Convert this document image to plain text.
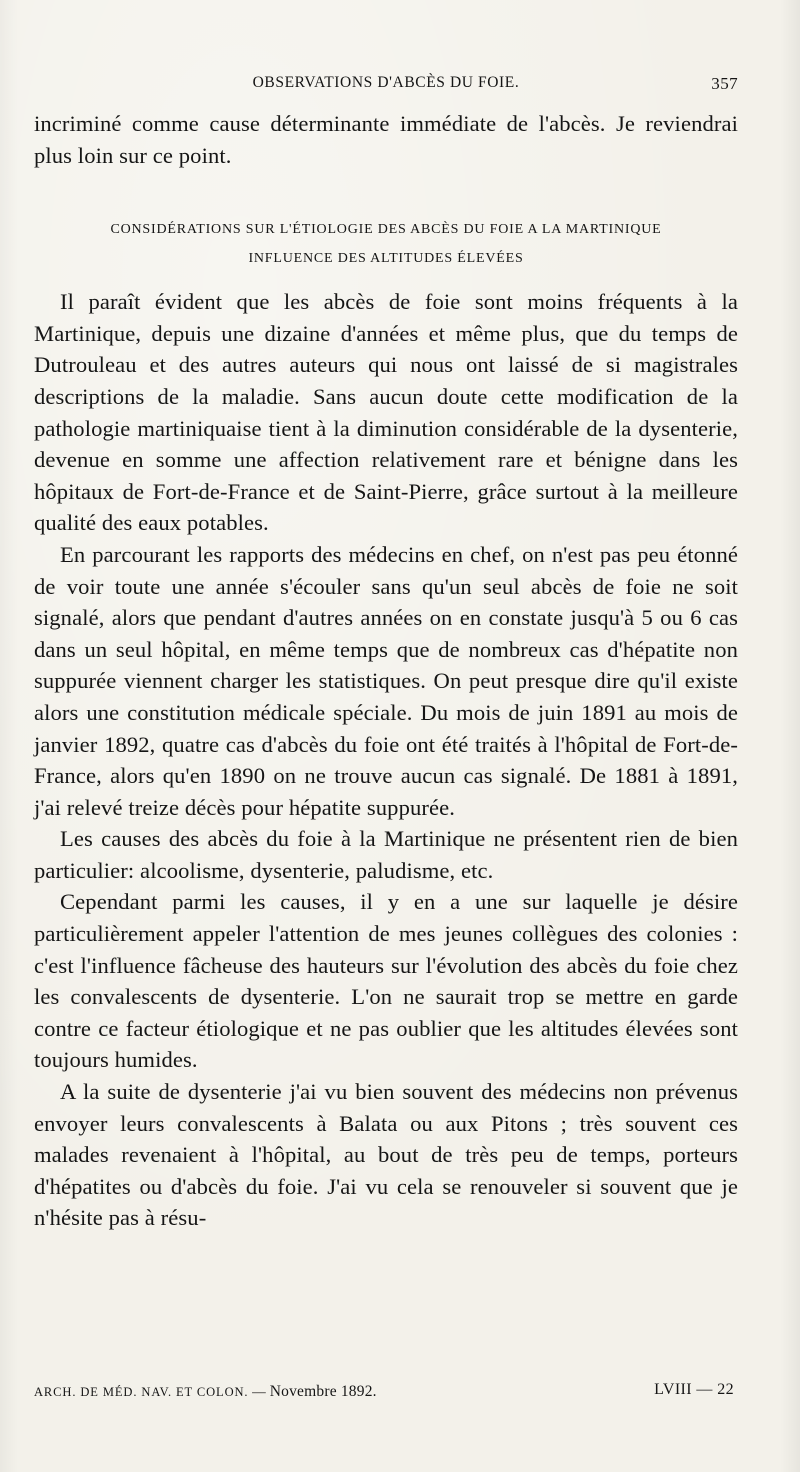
OBSERVATIONS D'ABCÈS DU FOIE.	357

incriminé comme cause déterminante immédiate de l'abcès. Je reviendrai plus loin sur ce point.

CONSIDÉRATIONS SUR L'ÉTIOLOGIE DES ABCÈS DU FOIE A LA MARTINIQUE
INFLUENCE DES ALTITUDES ÉLEVÉES

Il paraît évident que les abcès de foie sont moins fréquents à la Martinique, depuis une dizaine d'années et même plus, que du temps de Dutrouleau et des autres auteurs qui nous ont laissé de si magistrales descriptions de la maladie. Sans aucun doute cette modification de la pathologie martiniquaise tient à la diminution considérable de la dysenterie, devenue en somme une affection relativement rare et bénigne dans les hôpitaux de Fort-de-France et de Saint-Pierre, grâce surtout à la meilleure qualité des eaux potables.

En parcourant les rapports des médecins en chef, on n'est pas peu étonné de voir toute une année s'écouler sans qu'un seul abcès de foie ne soit signalé, alors que pendant d'autres années on en constate jusqu'à 5 ou 6 cas dans un seul hôpital, en même temps que de nombreux cas d'hépatite non suppurée viennent charger les statistiques. On peut presque dire qu'il existe alors une constitution médicale spéciale. Du mois de juin 1891 au mois de janvier 1892, quatre cas d'abcès du foie ont été traités à l'hôpital de Fort-de-France, alors qu'en 1890 on ne trouve aucun cas signalé. De 1881 à 1891, j'ai relevé treize décès pour hépatite suppurée.

Les causes des abcès du foie à la Martinique ne présentent rien de bien particulier: alcoolisme, dysenterie, paludisme, etc.

Cependant parmi les causes, il y en a une sur laquelle je désire particulièrement appeler l'attention de mes jeunes collègues des colonies : c'est l'influence fâcheuse des hauteurs sur l'évolution des abcès du foie chez les convalescents de dysenterie. L'on ne saurait trop se mettre en garde contre ce facteur étiologique et ne pas oublier que les altitudes élevées sont toujours humides.

A la suite de dysenterie j'ai vu bien souvent des médecins non prévenus envoyer leurs convalescents à Balata ou aux Pitons ; très souvent ces malades revenaient à l'hôpital, au bout de très peu de temps, porteurs d'hépatites ou d'abcès du foie. J'ai vu cela se renouveler si souvent que je n'hésite pas à résu-

ARCH. DE MÉD. NAV. ET COLON. — Novembre 1892.	LVIII — 22
